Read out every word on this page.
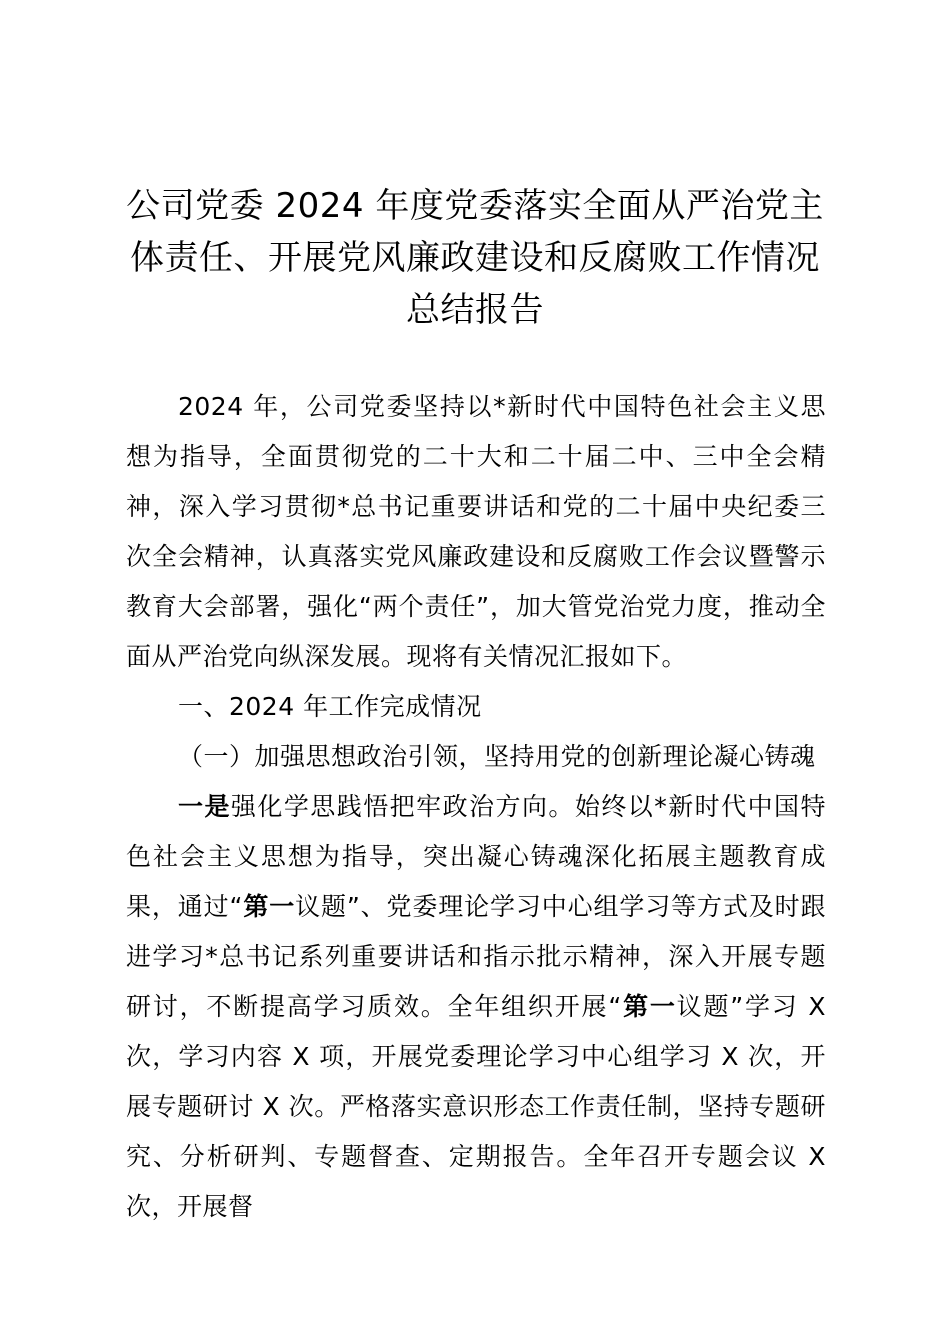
公司党委 2024 年度党委落实全面从严治党主
体责任、开展党风廉政建设和反腐败工作情况
总结报告

2024 年，公司党委坚持以*新时代中国特色社会主义思想为指导，全面贯彻党的二十大和二十届二中、三中全会精神，深入学习贯彻*总书记重要讲话和党的二十届中央纪委三次全会精神，认真落实党风廉政建设和反腐败工作会议暨警示教育大会部署，强化“两个责任”，加大管党治党力度，推动全面从严治党向纵深发展。现将有关情况汇报如下。

一、2024 年工作完成情况

（一）加强思想政治引领，坚持用党的创新理论凝心铸魂

一是强化学思践悟把牢政治方向。始终以*新时代中国特色社会主义思想为指导，突出凝心铸魂深化拓展主题教育成果，通过“第一议题”、党委理论学习中心组学习等方式及时跟进学习*总书记系列重要讲话和指示批示精神，深入开展专题研讨，不断提高学习质效。全年组织开展“第一议题”学习 X 次，学习内容 X 项，开展党委理论学习中心组学习 X 次，开展专题研讨 X 次。严格落实意识形态工作责任制，坚持专题研究、分析研判、专题督查、定期报告。全年召开专题会议 X 次，开展督
